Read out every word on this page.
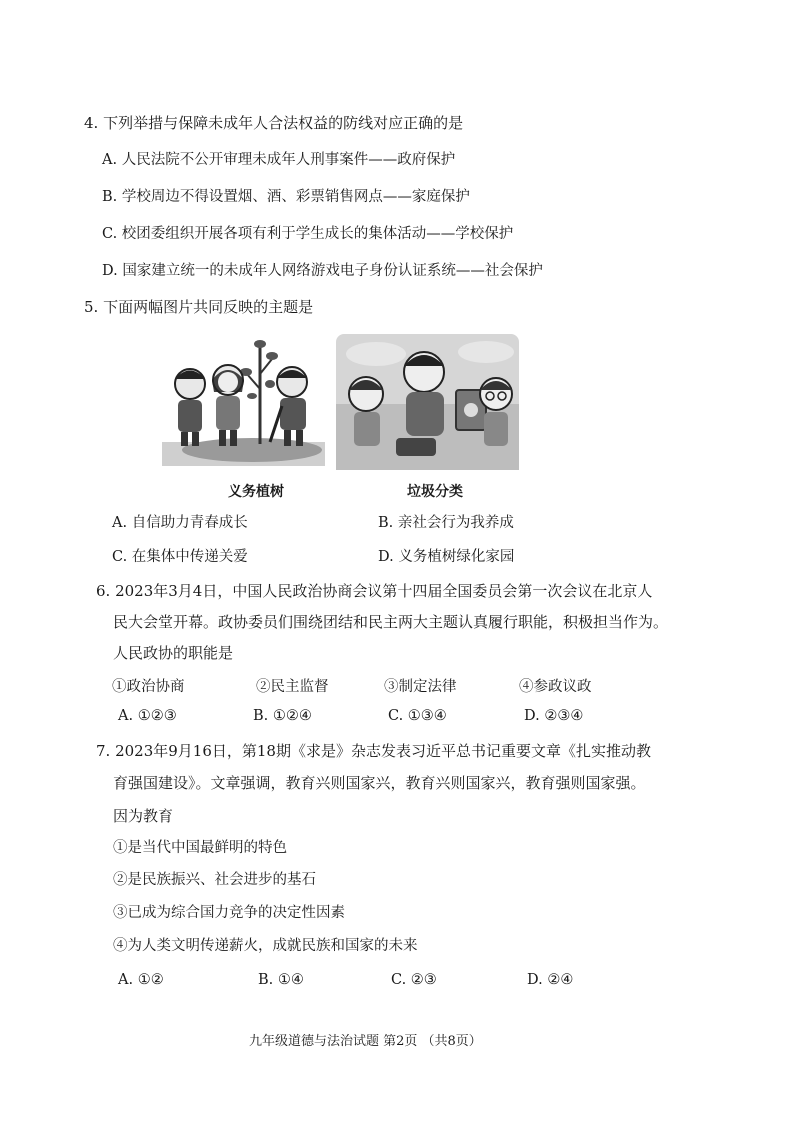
4. 下列举措与保障未成年人合法权益的防线对应正确的是
A. 人民法院不公开审理未成年人刑事案件——政府保护
B. 学校周边不得设置烟、酒、彩票销售网点——家庭保护
C. 校团委组织开展各项有利于学生成长的集体活动——学校保护
D. 国家建立统一的未成年人网络游戏电子身份认证系统——社会保护
5. 下面两幅图片共同反映的主题是
义务植树	垃圾分类
A. 自信助力青春成长	B. 亲社会行为我养成
C. 在集体中传递关爱	D. 义务植树绿化家园
6. 2023年3月4日，中国人民政治协商会议第十四届全国委员会第一次会议在北京人
民大会堂开幕。政协委员们围绕团结和民主两大主题认真履行职能，积极担当作为。
人民政协的职能是
①政治协商	②民主监督	③制定法律	④参政议政
A. ①②③	B. ①②④	C. ①③④	D. ②③④
7. 2023年9月16日，第18期《求是》杂志发表习近平总书记重要文章《扎实推动教
育强国建设》。文章强调，教育兴则国家兴，教育兴则国家兴，教育强则国家强。
因为教育
①是当代中国最鲜明的特色
②是民族振兴、社会进步的基石
③已成为综合国力竞争的决定性因素
④为人类文明传递薪火，成就民族和国家的未来
A. ①②	B. ①④	C. ②③	D. ②④
九年级道德与法治试题 第2页 （共8页）
